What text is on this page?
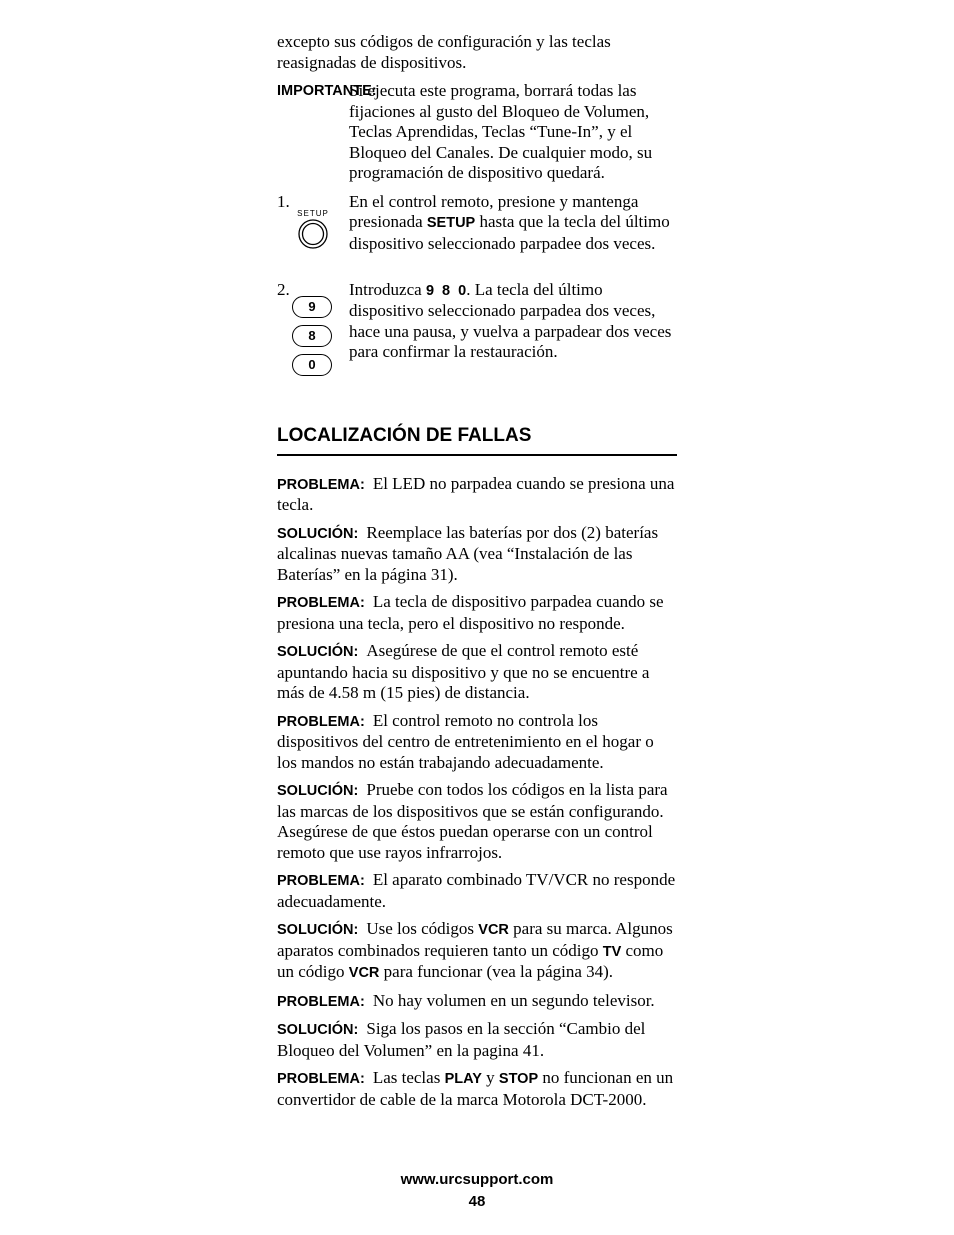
excepto sus códigos de configuración y las teclas reasignadas de dispositivos.

IMPORTANTE:
Si ejecuta este programa, borrará todas las fijaciones al gusto del Bloqueo de Volumen, Teclas Aprendidas, Teclas “Tune-In”, y el Bloqueo del Canales. De cualquier modo, su programación de dispositivo quedará.
1.
SETUP
En el control remoto, presione y mantenga presionada SETUP hasta que la tecla del último dispositivo seleccionado parpadee dos veces.
2.
9
8
0
Introduzca 9 8 0. La tecla del último dispositivo seleccionado parpadea dos veces, hace una pausa, y vuelva a parpadear dos veces para confirmar la restauración.
LOCALIZACIÓN DE FALLAS

PROBLEMA: El LED no parpadea cuando se presiona una tecla.

SOLUCIÓN: Reemplace las baterías por dos (2) baterías alcalinas nuevas tamaño AA (vea “Instalación de las Baterías” en la página 31).

PROBLEMA: La tecla de dispositivo parpadea cuando se presiona una tecla, pero el dispositivo no responde.

SOLUCIÓN: Asegúrese de que el control remoto esté apuntando hacia su dispositivo y que no se encuentre a más de 4.58 m (15 pies) de distancia.

PROBLEMA: El control remoto no controla los dispositivos del centro de entretenimiento en el hogar o los mandos no están trabajando adecuadamente.

SOLUCIÓN: Pruebe con todos los códigos en la lista para las marcas de los dispositivos que se están configurando. Asegúrese de que éstos puedan operarse con un control remoto que use rayos infrarrojos.

PROBLEMA: El aparato combinado TV/VCR no responde adecuadamente.

SOLUCIÓN: Use los códigos VCR para su marca. Algunos aparatos combinados requieren tanto un código TV como un código VCR para funcionar (vea la página 34).

PROBLEMA: No hay volumen en un segundo televisor.

SOLUCIÓN: Siga los pasos en la sección “Cambio del Bloqueo del Volumen” en la pagina 41.

PROBLEMA: Las teclas PLAY y STOP no funcionan en un convertidor de cable de la marca Motorola DCT-2000.

www.urcsupport.com
48
